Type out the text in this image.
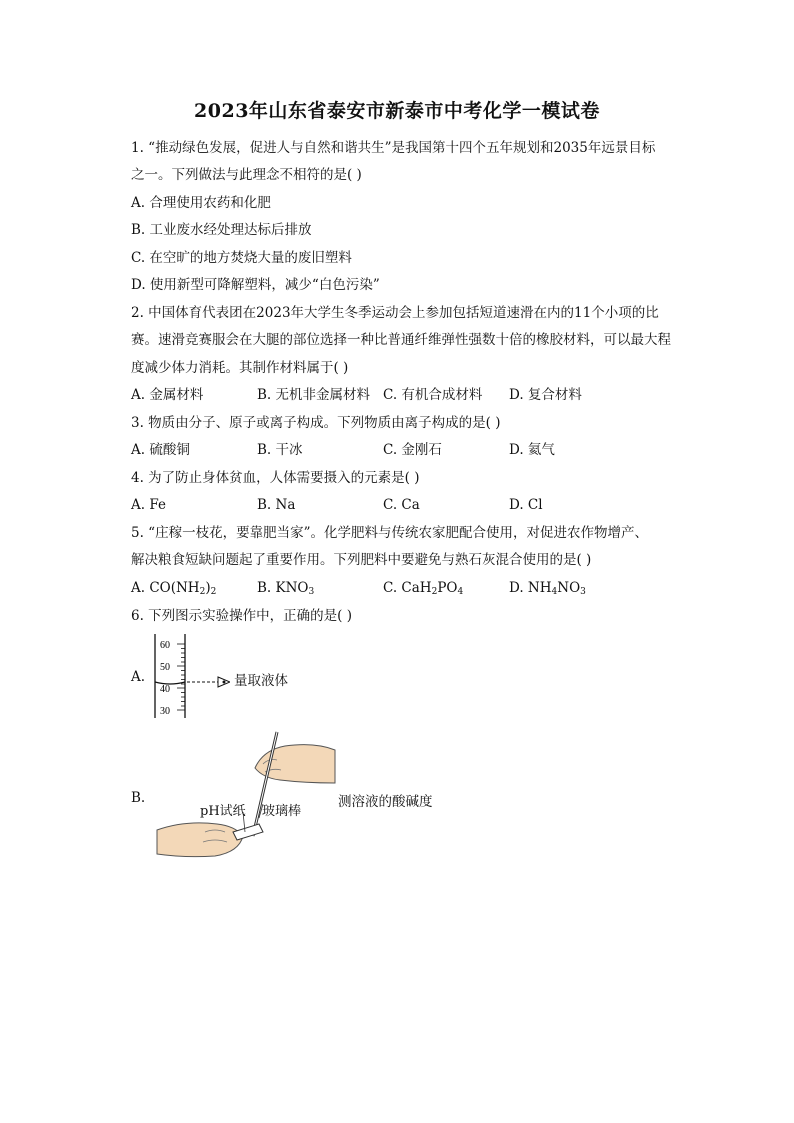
2023年山东省泰安市新泰市中考化学一模试卷
1. “推动绿色发展，促进人与自然和谐共生”是我国第十四个五年规划和2035年远景目标
之一。下列做法与此理念不相符的是( )
A. 合理使用农药和化肥
B. 工业废水经处理达标后排放
C. 在空旷的地方焚烧大量的废旧塑料
D. 使用新型可降解塑料，减少“白色污染”
2. 中国体育代表团在2023年大学生冬季运动会上参加包括短道速滑在内的11个小项的比
赛。速滑竞赛服会在大腿的部位选择一种比普通纤维弹性强数十倍的橡胶材料，可以最大程
度减少体力消耗。其制作材料属于( )
A. 金属材料	B. 无机非金属材料 C. 有机合成材料 D. 复合材料
3. 物质由分子、原子或离子构成。下列物质由离子构成的是( )
A. 硫酸铜	B. 干冰	C. 金刚石	D. 氦气
4. 为了防止身体贫血，人体需要摄入的元素是( )
A. Fe	B. Na	C. Ca	D. Cl
5. “庄稼一枝花，要靠肥当家”。化学肥料与传统农家肥配合使用，对促进农作物增产、
解决粮食短缺问题起了重要作用。下列肥料中要避免与熟石灰混合使用的是( )
A. $CO(NH_2)_2$	B. $KNO_3$	C. $CaH_2PO_4$	D. $NH_4NO_3$
6. 下列图示实验操作中，正确的是( )
A.
60
50
40
30
量取液体
B.
pH试纸 玻璃棒
测溶液的酸碱度
